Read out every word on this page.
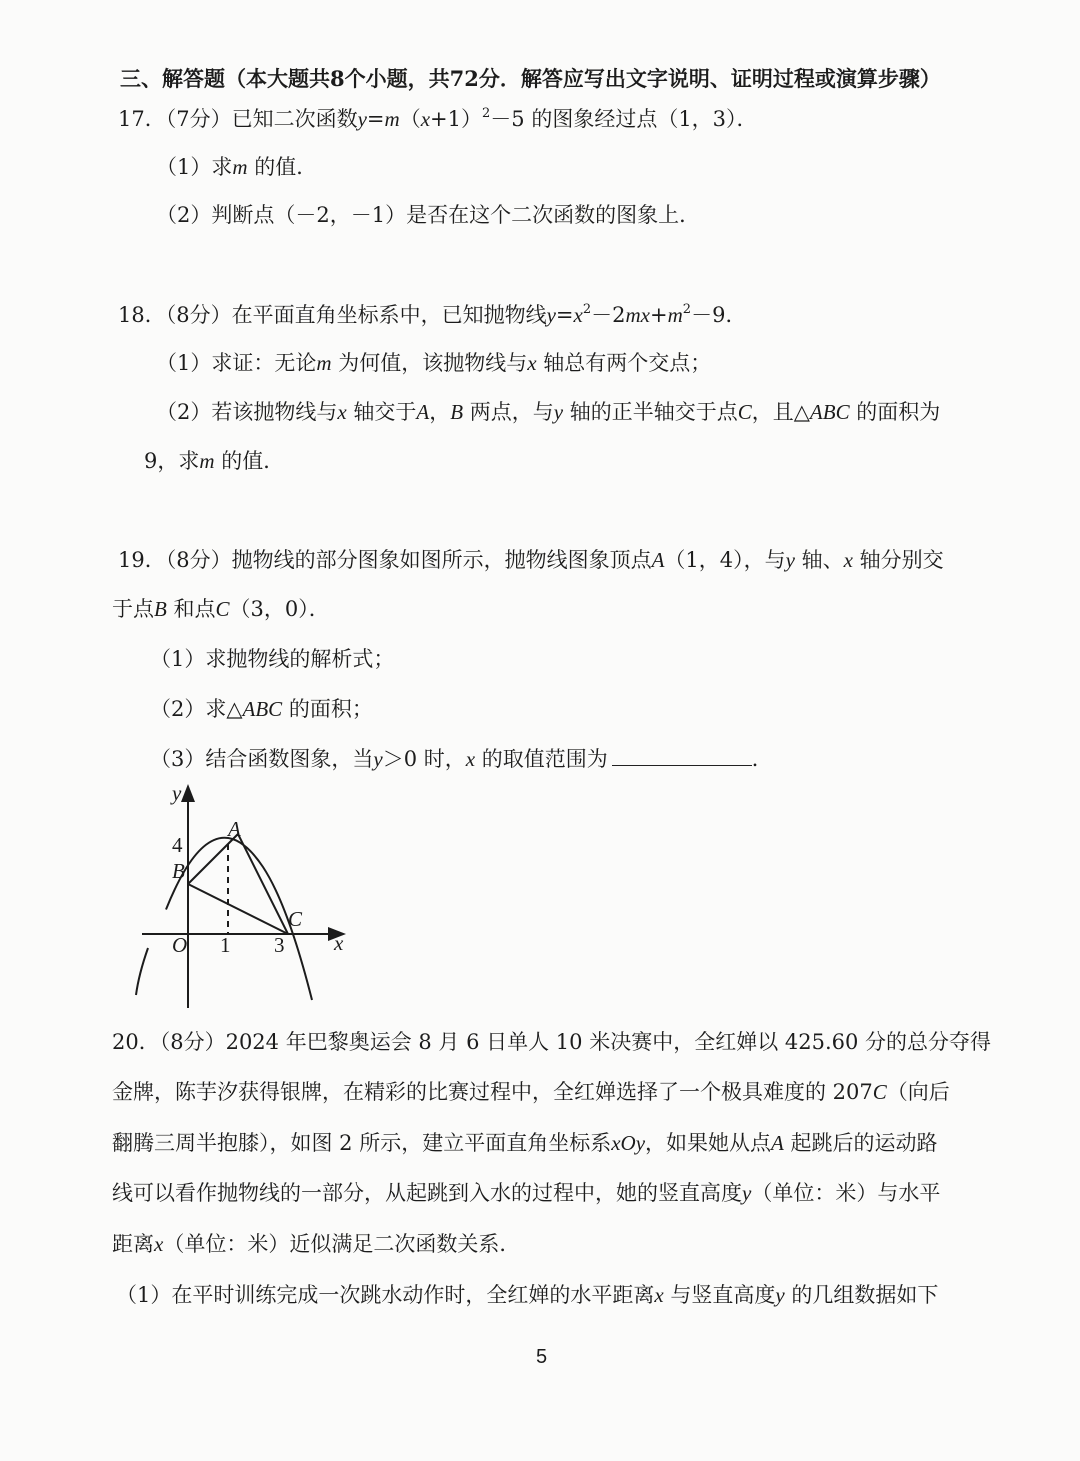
三、解答题（本大题共8个小题，共72分．解答应写出文字说明、证明过程或演算步骤）
17．（7分）已知二次函数$y=m(x+1)^2-5$ 的图象经过点（1，3）．
（1）求m 的值．
（2）判断点（－2，－1）是否在这个二次函数的图象上．
18．（8分）在平面直角坐标系中，已知抛物线$y=x^2-2mx+m^2-9$．
（1）求证：无论m 为何值，该抛物线与x 轴总有两个交点；
（2）若该抛物线与x 轴交于A，B 两点，与y 轴的正半轴交于点C，且△ABC 的面积为
9，求m 的值．
19．（8分）抛物线的部分图象如图所示，抛物线图象顶点A（1，4），与y 轴、x 轴分别交
于点B 和点C（3，0）．
（1）求抛物线的解析式；
（2）求△ABC 的面积；
（3）结合函数图象，当y＞0 时，x 的取值范围为	．
y
x
4
O 1 3
A
B
C
20．（8分）2024 年巴黎奥运会 8 月 6 日单人 10 米决赛中，全红婵以 425.60 分的总分夺得
金牌，陈芋汐获得银牌，在精彩的比赛过程中，全红婵选择了一个极具难度的 207C（向后
翻腾三周半抱膝），如图 2 所示，建立平面直角坐标系xOy，如果她从点A 起跳后的运动路
线可以看作抛物线的一部分，从起跳到入水的过程中，她的竖直高度y（单位：米）与水平
距离x（单位：米）近似满足二次函数关系．
（1）在平时训练完成一次跳水动作时，全红婵的水平距离x 与竖直高度y 的几组数据如下
5
